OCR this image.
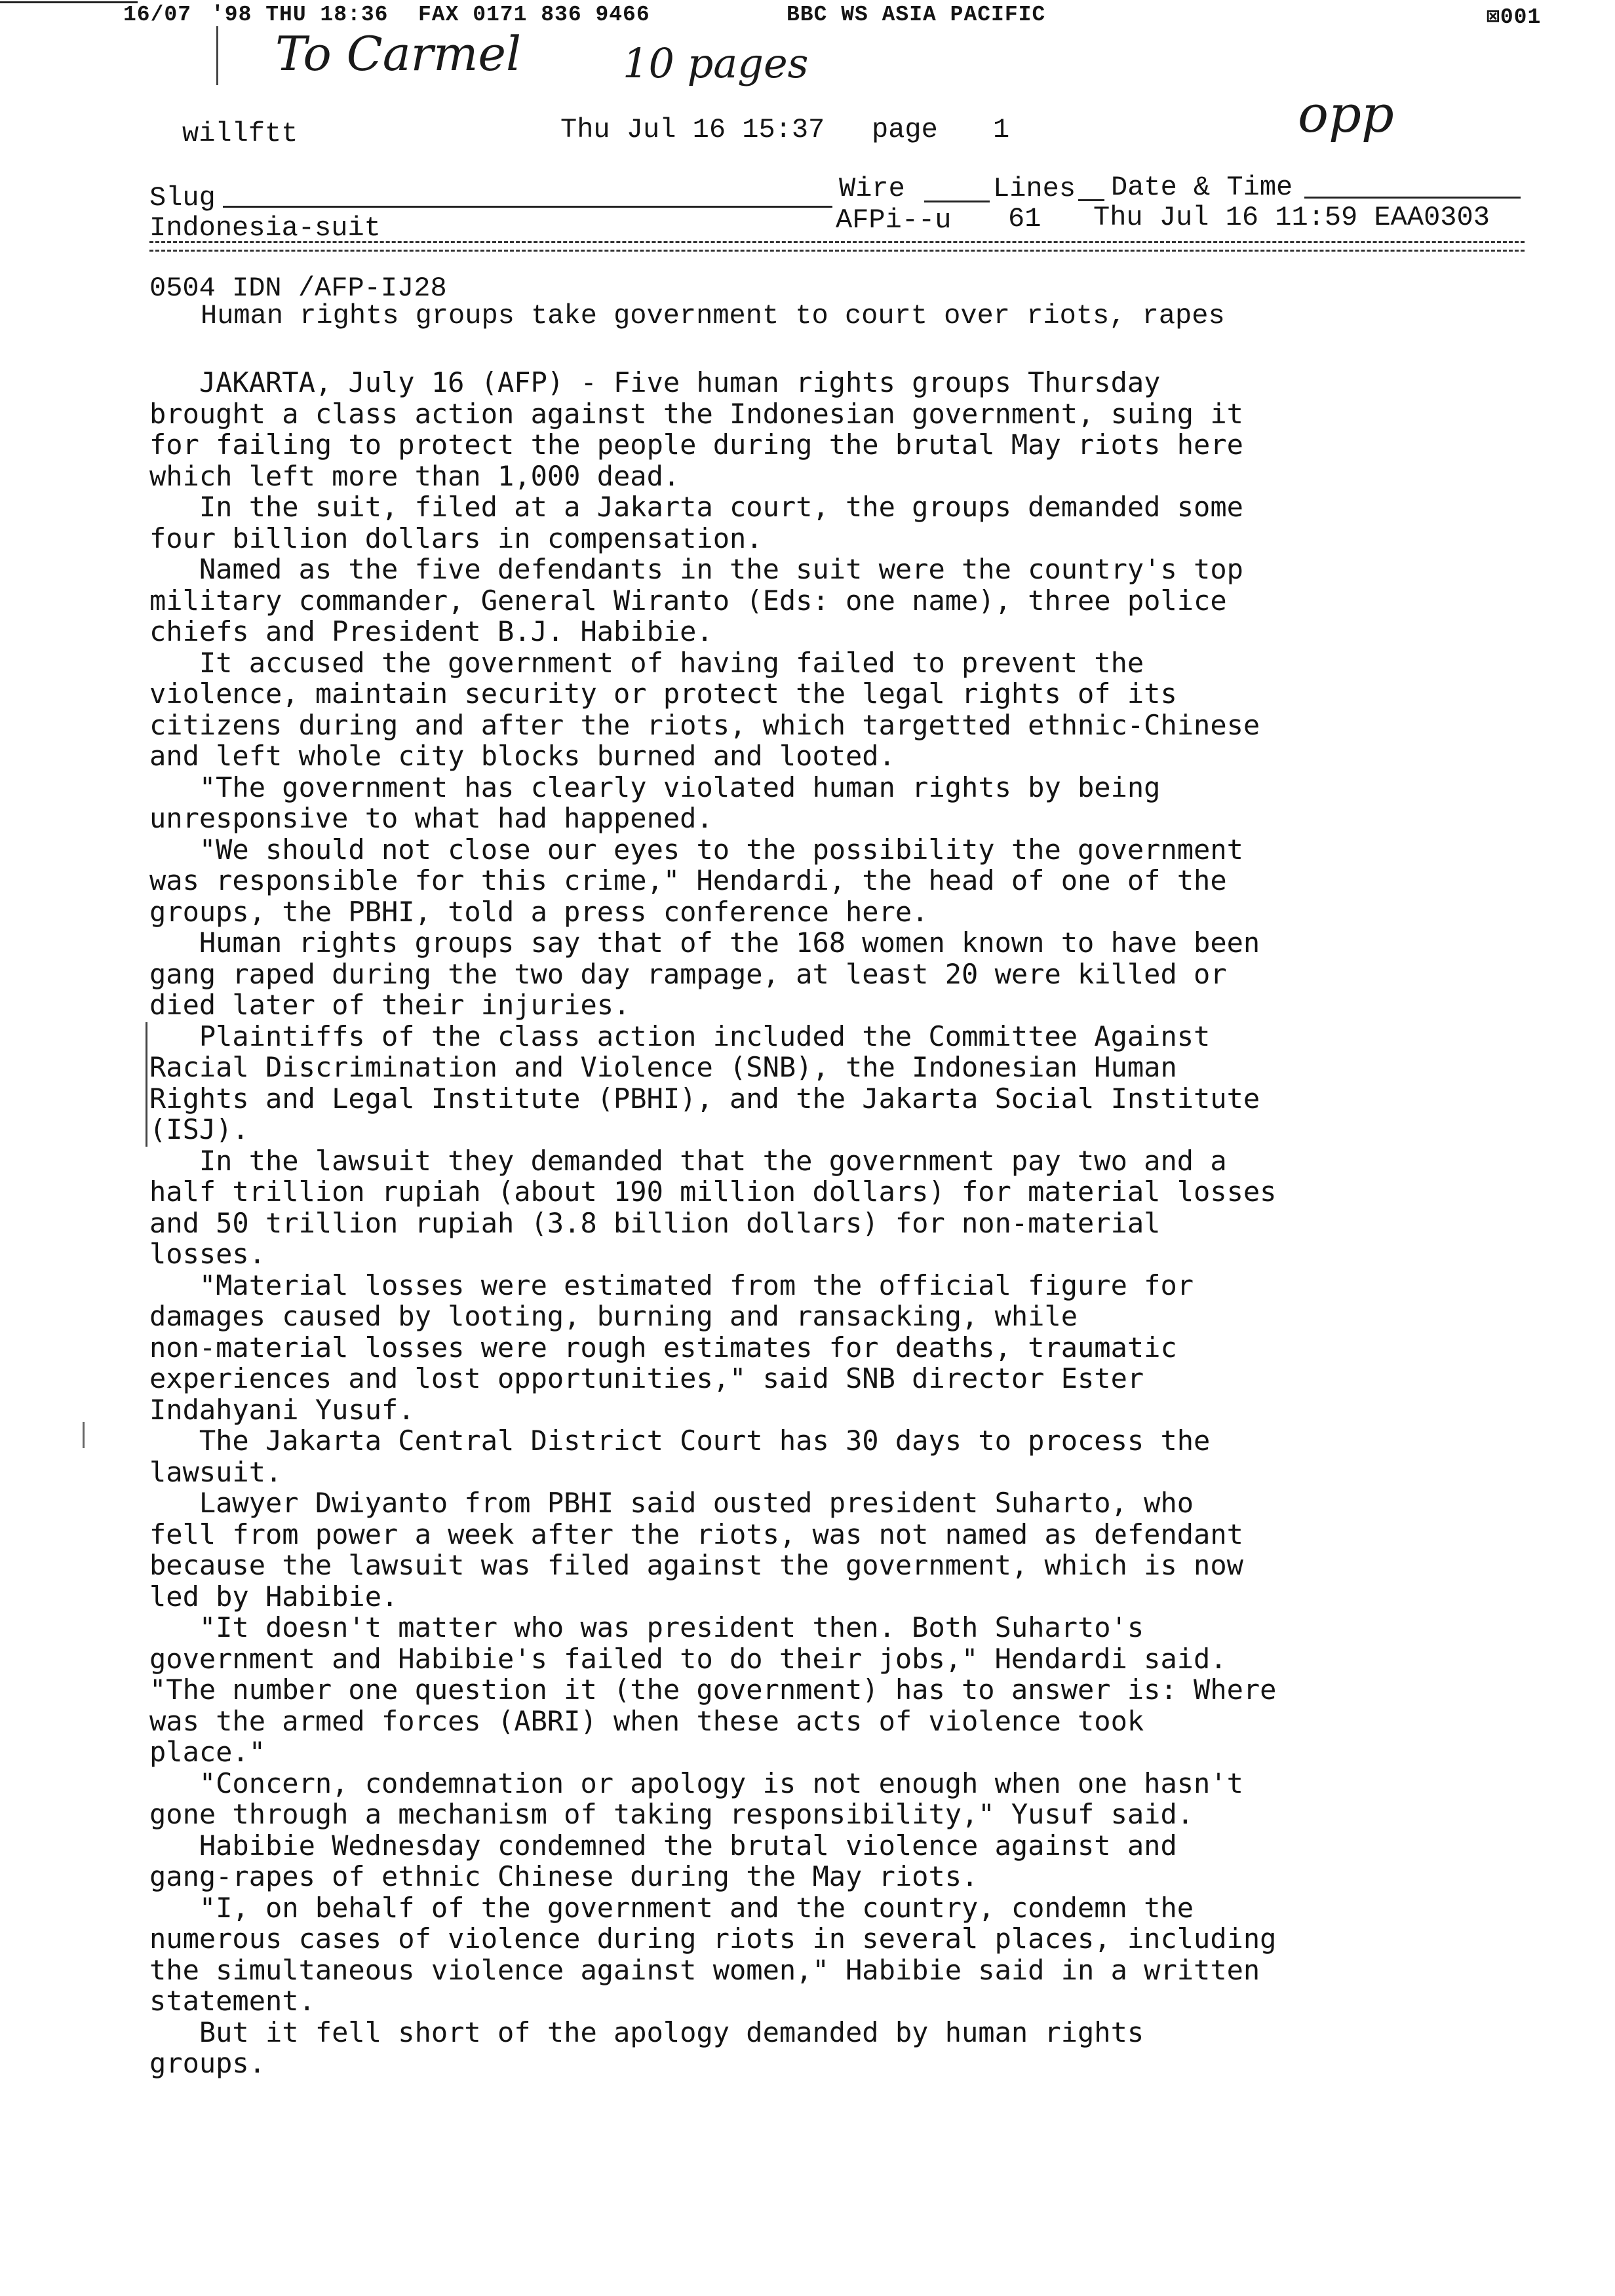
16/07

'98 THU 18:36

FAX 0171 836 9466

	BBC WS ASIA PACIFIC

	⊠001

To Carmel 10 pages
opp
willftt	Thu Jul 16 15:37 page 1
Slug	Wire	Lines Date & Time
Indonesia-suit	AFPi--u 61 Thu Jul 16 11:59 EAA0303
0504 IDN /AFP-IJ28
Human rights groups take government to court over riots, rapes
JAKARTA, July 16 (AFP) - Five human rights groups Thursday
brought a class action against the Indonesian government, suing it
for failing to protect the people during the brutal May riots here
which left more than 1,000 dead.
In the suit, filed at a Jakarta court, the groups demanded some
four billion dollars in compensation.
Named as the five defendants in the suit were the country's top
military commander, General Wiranto (Eds: one name), three police
chiefs and President B.J. Habibie.
It accused the government of having failed to prevent the
violence, maintain security or protect the legal rights of its
citizens during and after the riots, which targetted ethnic-Chinese
and left whole city blocks burned and looted.
"The government has clearly violated human rights by being
unresponsive to what had happened.
"We should not close our eyes to the possibility the government
was responsible for this crime," Hendardi, the head of one of the
groups, the PBHI, told a press conference here.
Human rights groups say that of the 168 women known to have been
gang raped during the two day rampage, at least 20 were killed or
died later of their injuries.
Plaintiffs of the class action included the Committee Against
Racial Discrimination and Violence (SNB), the Indonesian Human
Rights and Legal Institute (PBHI), and the Jakarta Social Institute
(ISJ).
In the lawsuit they demanded that the government pay two and a
half trillion rupiah (about 190 million dollars) for material losses
and 50 trillion rupiah (3.8 billion dollars) for non-material
losses.
"Material losses were estimated from the official figure for
damages caused by looting, burning and ransacking, while
non-material losses were rough estimates for deaths, traumatic
experiences and lost opportunities," said SNB director Ester
Indahyani Yusuf.
The Jakarta Central District Court has 30 days to process the
lawsuit.
Lawyer Dwiyanto from PBHI said ousted president Suharto, who
fell from power a week after the riots, was not named as defendant
because the lawsuit was filed against the government, which is now
led by Habibie.
"It doesn't matter who was president then. Both Suharto's
government and Habibie's failed to do their jobs," Hendardi said.
"The number one question it (the government) has to answer is: Where
was the armed forces (ABRI) when these acts of violence took
place."
"Concern, condemnation or apology is not enough when one hasn't
gone through a mechanism of taking responsibility," Yusuf said.
Habibie Wednesday condemned the brutal violence against and
gang-rapes of ethnic Chinese during the May riots.
"I, on behalf of the government and the country, condemn the
numerous cases of violence during riots in several places, including
the simultaneous violence against women," Habibie said in a written
statement.
But it fell short of the apology demanded by human rights
groups.
